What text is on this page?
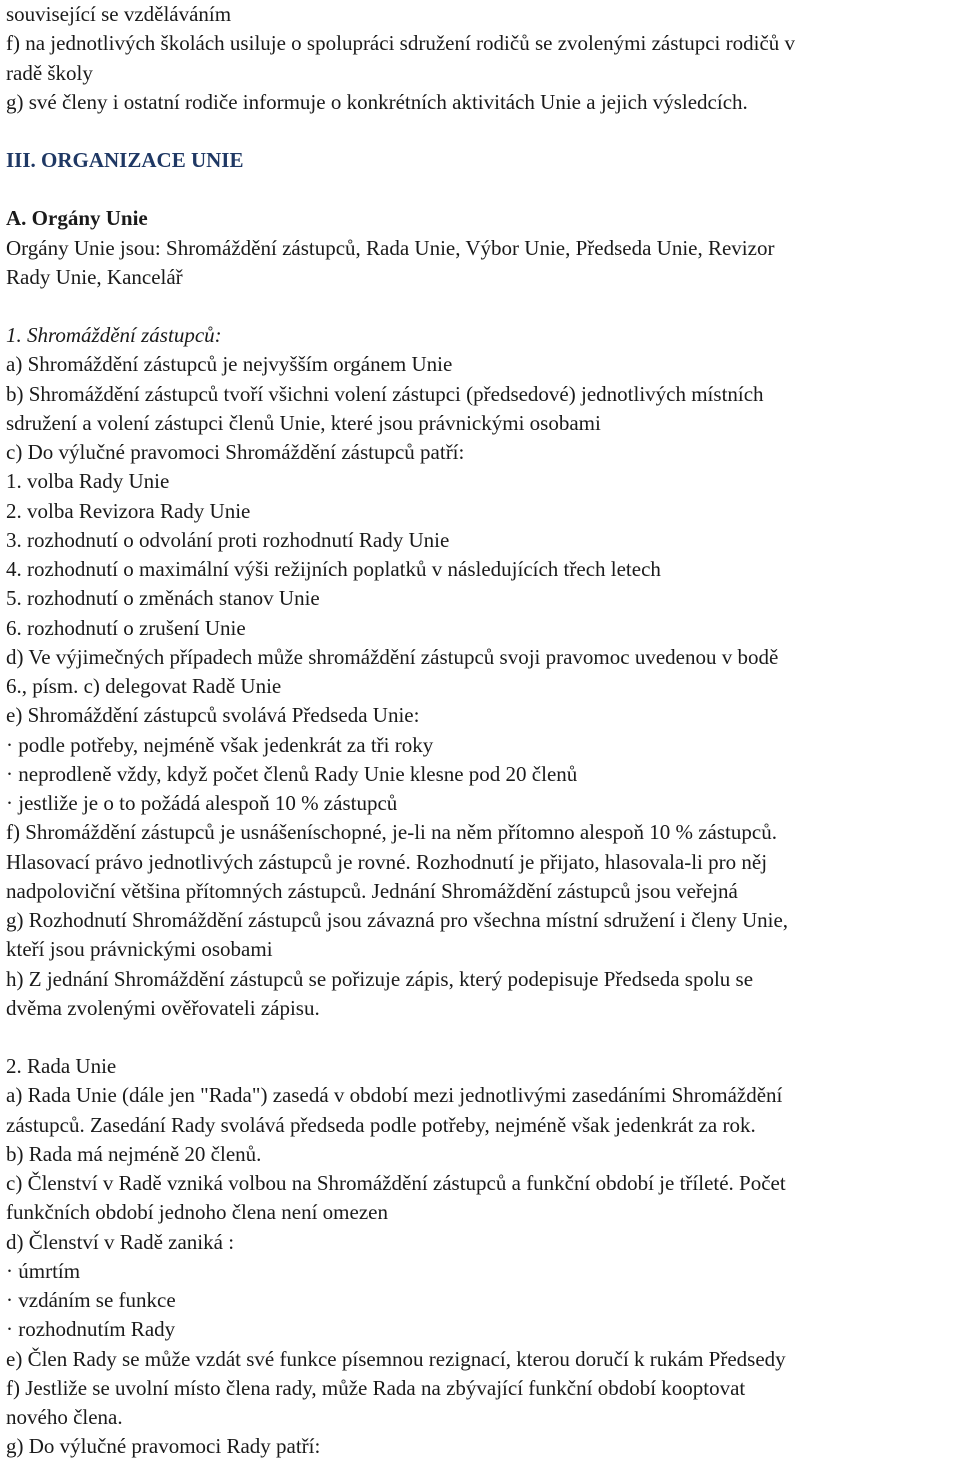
související se vzděláváním
f) na jednotlivých školách usiluje o spolupráci sdružení rodičů se zvolenými zástupci rodičů v
radě školy
g) své členy i ostatní rodiče informuje o konkrétních aktivitách Unie a jejich výsledcích.
III. ORGANIZACE UNIE
A. Orgány Unie
Orgány Unie jsou: Shromáždění zástupců, Rada Unie, Výbor Unie, Předseda Unie, Revizor
Rady Unie, Kancelář
1. Shromáždění zástupců:
a) Shromáždění zástupců je nejvyšším orgánem Unie
b) Shromáždění zástupců tvoří všichni volení zástupci (předsedové) jednotlivých místních
sdružení a volení zástupci členů Unie, které jsou právnickými osobami
c) Do výlučné pravomoci Shromáždění zástupců patří:
1. volba Rady Unie
2. volba Revizora Rady Unie
3. rozhodnutí o odvolání proti rozhodnutí Rady Unie
4. rozhodnutí o maximální výši režijních poplatků v následujících třech letech
5. rozhodnutí o změnách stanov Unie
6. rozhodnutí o zrušení Unie
d) Ve výjimečných případech může shromáždění zástupců svoji pravomoc uvedenou v bodě
6., písm. c) delegovat Radě Unie
e) Shromáždění zástupců svolává Předseda Unie:
· podle potřeby, nejméně však jedenkrát za tři roky
· neprodleně vždy, když počet členů Rady Unie klesne pod 20 členů
· jestliže je o to požádá alespoň 10 % zástupců
f) Shromáždění zástupců je usnášeníschopné, je-li na něm přítomno alespoň 10 % zástupců.
Hlasovací právo jednotlivých zástupců je rovné. Rozhodnutí je přijato, hlasovala-li pro něj
nadpoloviční většina přítomných zástupců. Jednání Shromáždění zástupců jsou veřejná
g) Rozhodnutí Shromáždění zástupců jsou závazná pro všechna místní sdružení i členy Unie,
kteří jsou právnickými osobami
h) Z jednání Shromáždění zástupců se pořizuje zápis, který podepisuje Předseda spolu se
dvěma zvolenými ověřovateli zápisu.
2. Rada Unie
a) Rada Unie (dále jen "Rada") zasedá v období mezi jednotlivými zasedáními Shromáždění
zástupců. Zasedání Rady svolává předseda podle potřeby, nejméně však jedenkrát za rok.
b) Rada má nejméně 20 členů.
c) Členství v Radě vzniká volbou na Shromáždění zástupců a funkční období je tříleté. Počet
funkčních období jednoho člena není omezen
d) Členství v Radě zaniká :
· úmrtím
· vzdáním se funkce
· rozhodnutím Rady
e) Člen Rady se může vzdát své funkce písemnou rezignací, kterou doručí k rukám Předsedy
f) Jestliže se uvolní místo člena rady, může Rada na zbývající funkční období kooptovat
nového člena.
g) Do výlučné pravomoci Rady patří:
